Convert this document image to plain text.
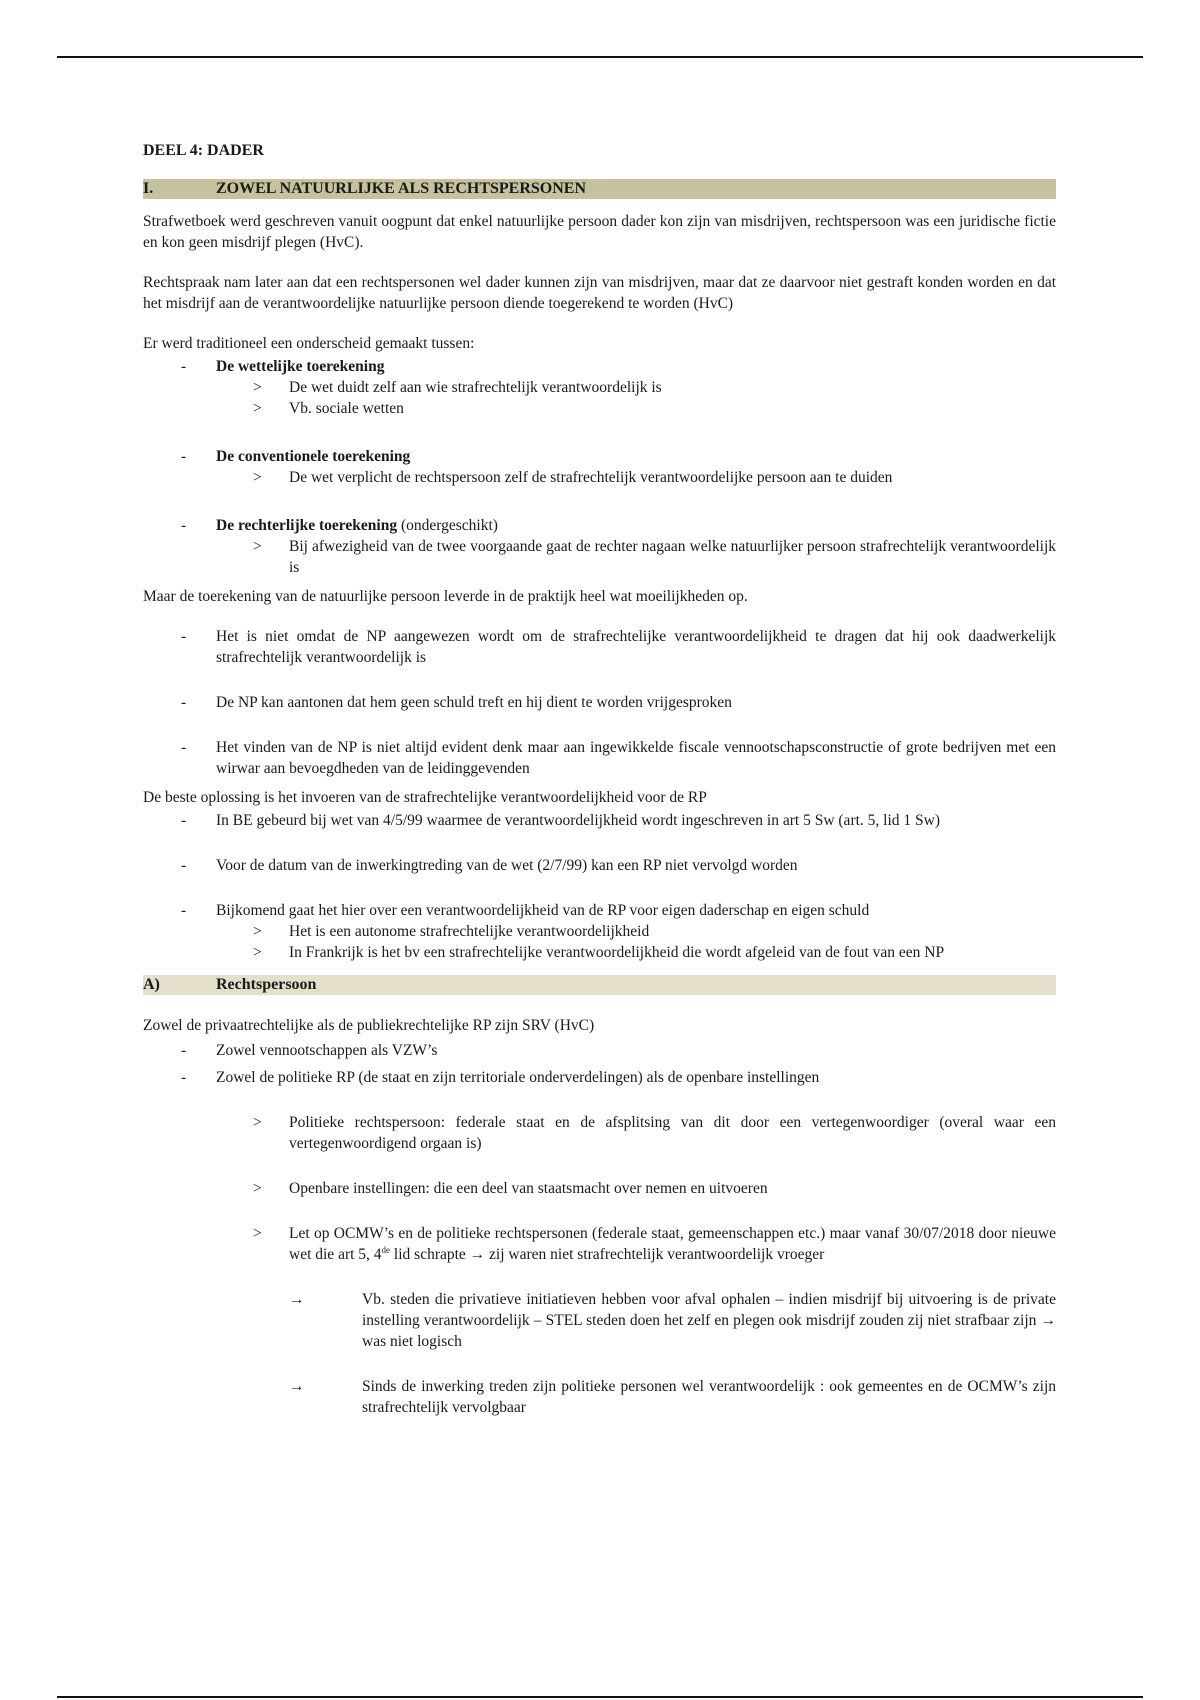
DEEL 4: DADER
I.	ZOWEL NATUURLIJKE ALS RECHTSPERSONEN

Strafwetboek werd geschreven vanuit oogpunt dat enkel natuurlijke persoon dader kon zijn van misdrijven, rechtspersoon was een juridische fictie en kon geen misdrijf plegen (HvC).

Rechtspraak nam later aan dat een rechtspersonen wel dader kunnen zijn van misdrijven, maar dat ze daarvoor niet gestraft konden worden en dat het misdrijf aan de verantwoordelijke natuurlijke persoon diende toegerekend te worden (HvC)

Er werd traditioneel een onderscheid gemaakt tussen:

-	De wettelijke toerekening
>	De wet duidt zelf aan wie strafrechtelijk verantwoordelijk is
>	Vb. sociale wetten
-	De conventionele toerekening
>	De wet verplicht de rechtspersoon zelf de strafrechtelijk verantwoordelijke persoon aan te duiden
-	De rechterlijke toerekening (ondergeschikt)
>	Bij afwezigheid van de twee voorgaande gaat de rechter nagaan welke natuurlijker persoon strafrechtelijk verantwoordelijk is

Maar de toerekening van de natuurlijke persoon leverde in de praktijk heel wat moeilijkheden op.

-	Het is niet omdat de NP aangewezen wordt om de strafrechtelijke verantwoordelijkheid te dragen dat hij ook daadwerkelijk strafrechtelijk verantwoordelijk is
-	De NP kan aantonen dat hem geen schuld treft en hij dient te worden vrijgesproken
-	Het vinden van de NP is niet altijd evident denk maar aan ingewikkelde fiscale vennootschapsconstructie of grote bedrijven met een wirwar aan bevoegdheden van de leidinggevenden

De beste oplossing is het invoeren van de strafrechtelijke verantwoordelijkheid voor de RP

-	In BE gebeurd bij wet van 4/5/99 waarmee de verantwoordelijkheid wordt ingeschreven in art 5 Sw (art. 5, lid 1 Sw)
-	Voor de datum van de inwerkingtreding van de wet (2/7/99) kan een RP niet vervolgd worden
-	Bijkomend gaat het hier over een verantwoordelijkheid van de RP voor eigen daderschap en eigen schuld
>	Het is een autonome strafrechtelijke verantwoordelijkheid
>	In Frankrijk is het bv een strafrechtelijke verantwoordelijkheid die wordt afgeleid van de fout van een NP
A)	Rechtspersoon

Zowel de privaatrechtelijke als de publiekrechtelijke RP zijn SRV (HvC)

-	Zowel vennootschappen als VZW’s
-	Zowel de politieke RP (de staat en zijn territoriale onderverdelingen) als de openbare instellingen
>	Politieke rechtspersoon: federale staat en de afsplitsing van dit door een vertegenwoordiger (overal waar een vertegenwoordigend orgaan is)
>	Openbare instellingen: die een deel van staatsmacht over nemen en uitvoeren
>	Let op OCMW’s en de politieke rechtspersonen (federale staat, gemeenschappen etc.) maar vanaf 30/07/2018 door nieuwe wet die art 5, 4de lid schrapte → zij waren niet strafrechtelijk verantwoordelijk vroeger
→	Vb. steden die privatieve initiatieven hebben voor afval ophalen – indien misdrijf bij uitvoering is de private instelling verantwoordelijk – STEL steden doen het zelf en plegen ook misdrijf zouden zij niet strafbaar zijn → was niet logisch
→	Sinds de inwerking treden zijn politieke personen wel verantwoordelijk : ook gemeentes en de OCMW’s zijn strafrechtelijk vervolgbaar
